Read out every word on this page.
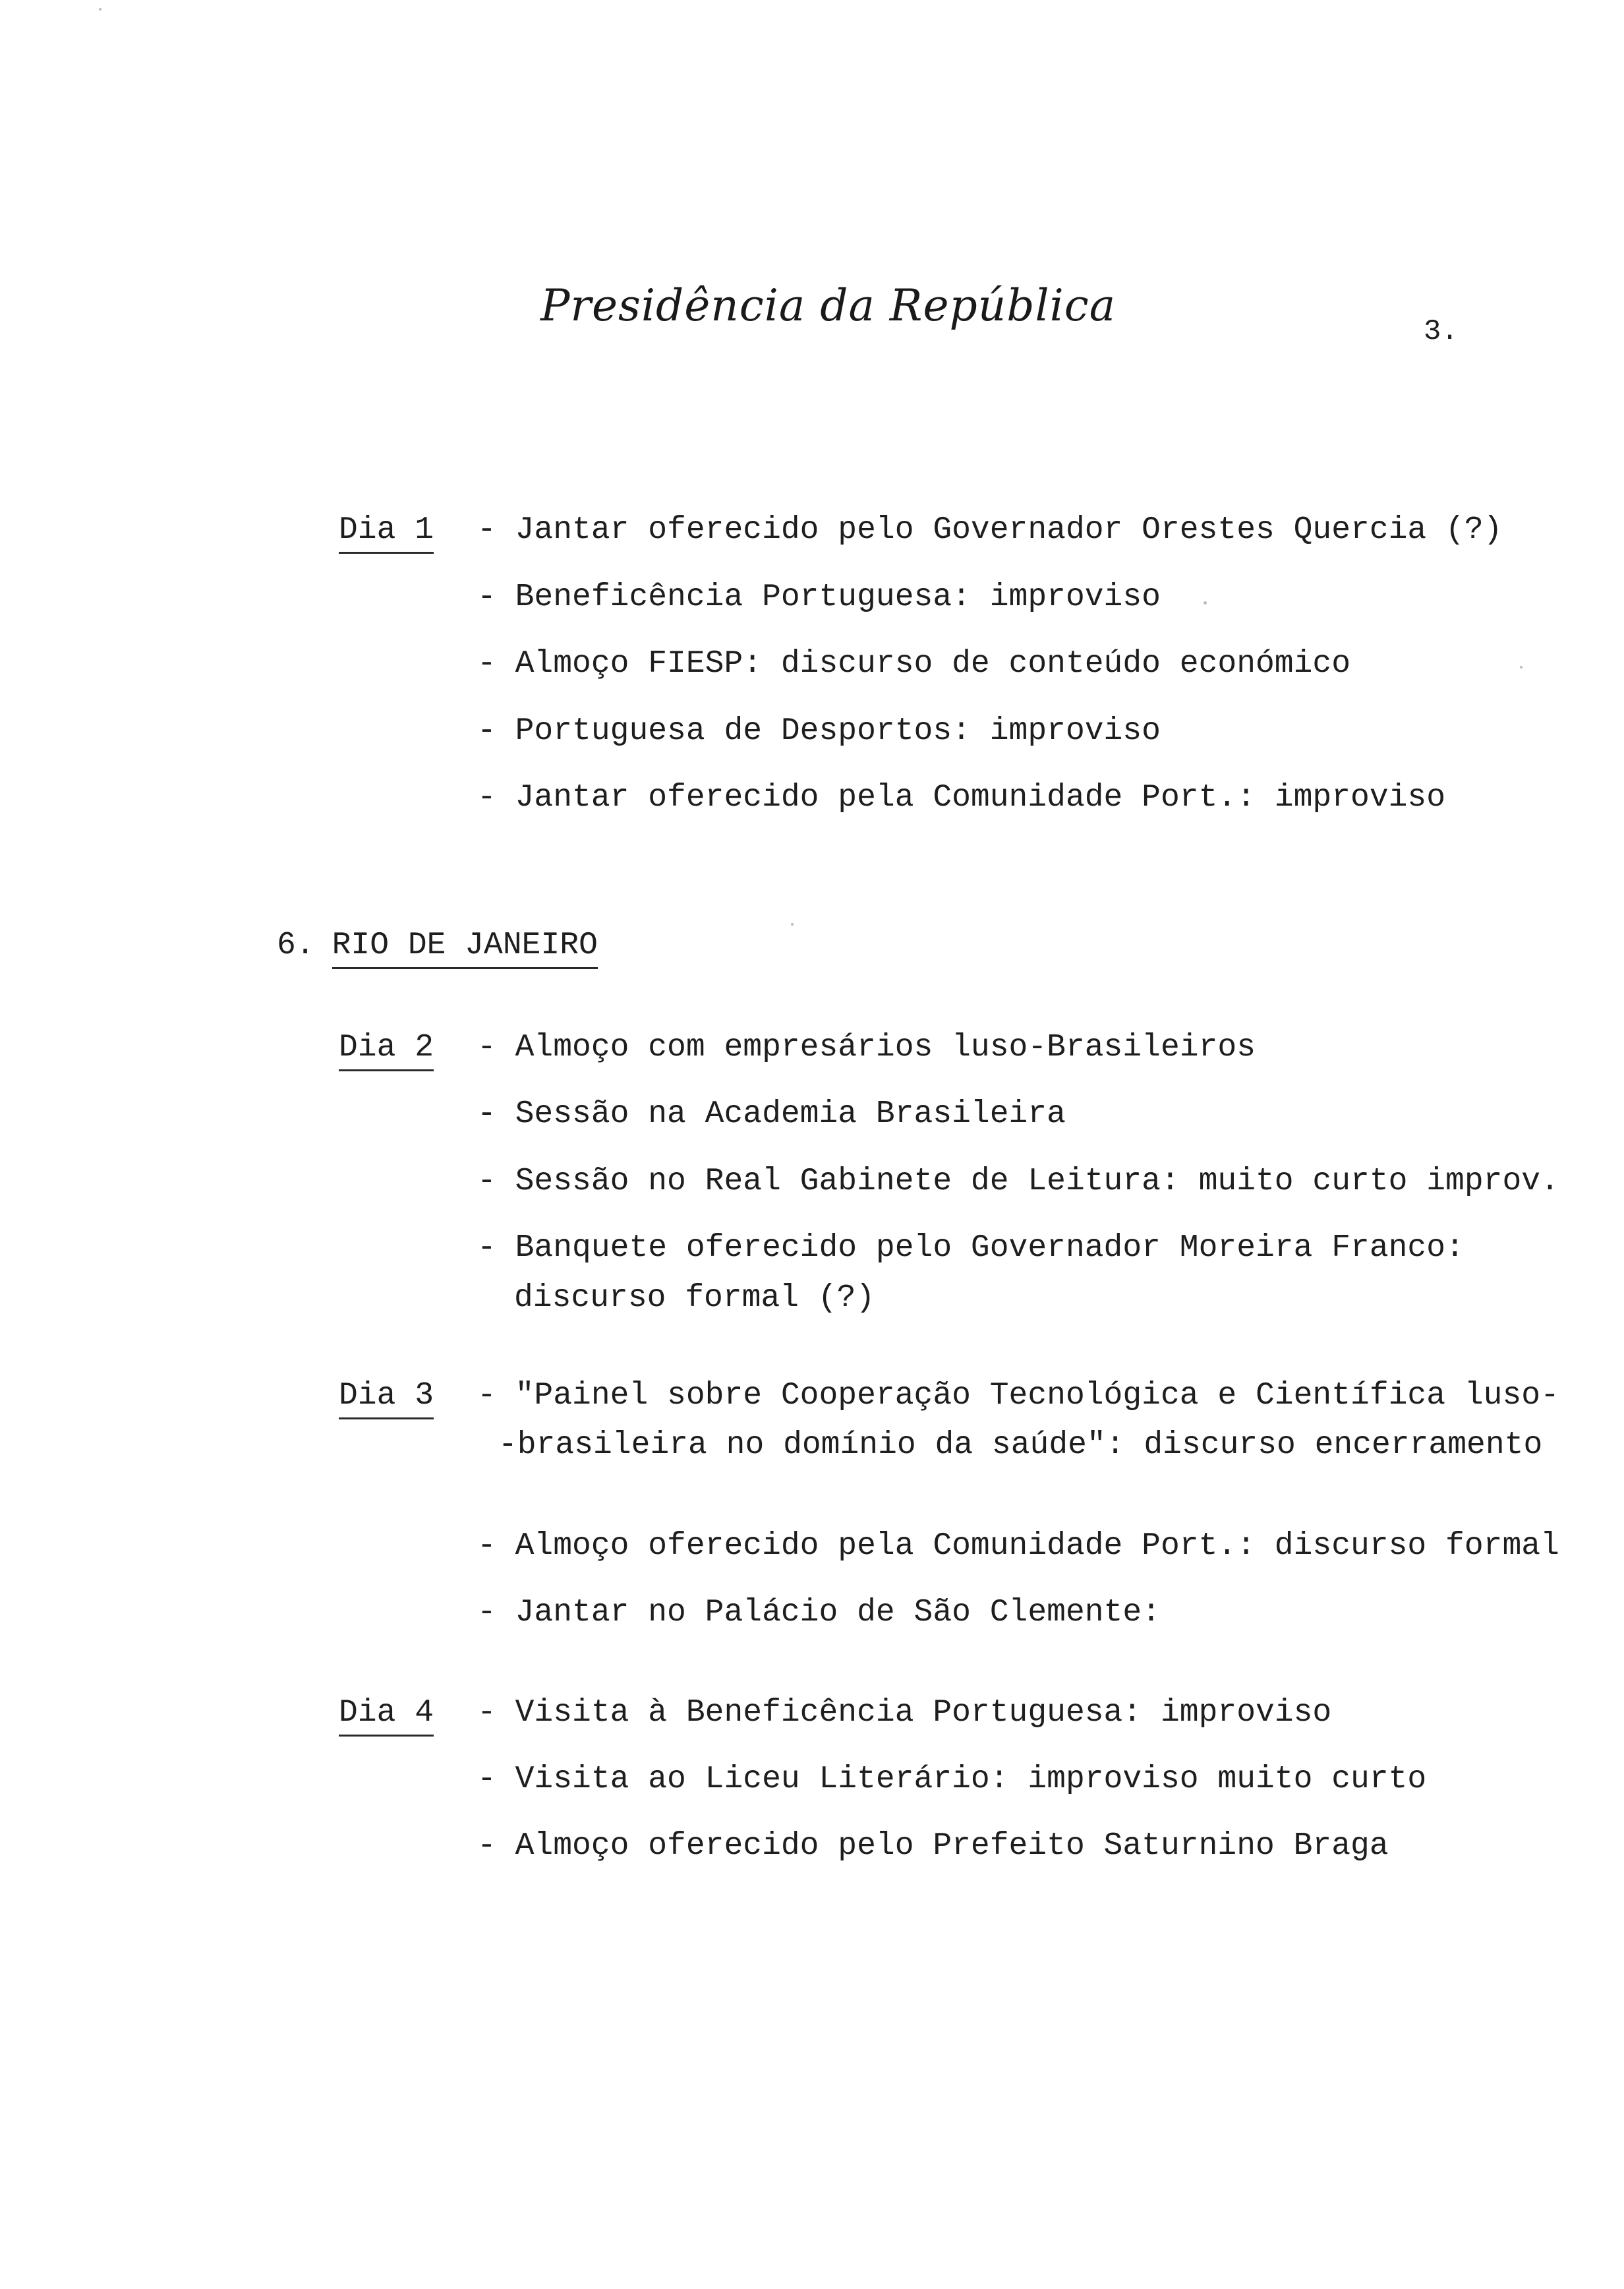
Presidência da República
3.
Dia 1 - Jantar oferecido pelo Governador Orestes Quercia (?)
- Beneficência Portuguesa: improviso
- Almoço FIESP: discurso de conteúdo económico
- Portuguesa de Desportos: improviso
- Jantar oferecido pela Comunidade Port.: improviso
6. RIO DE JANEIRO
Dia 2 - Almoço com empresários luso-Brasileiros
- Sessão na Academia Brasileira
- Sessão no Real Gabinete de Leitura: muito curto improv.
- Banquete oferecido pelo Governador Moreira Franco:
discurso formal (?)
Dia 3 - "Painel sobre Cooperação Tecnológica e Científica luso-
-brasileira no domínio da saúde": discurso encerramento
- Almoço oferecido pela Comunidade Port.: discurso formal
- Jantar no Palácio de São Clemente:
Dia 4 - Visita à Beneficência Portuguesa: improviso
- Visita ao Liceu Literário: improviso muito curto
- Almoço oferecido pelo Prefeito Saturnino Braga
